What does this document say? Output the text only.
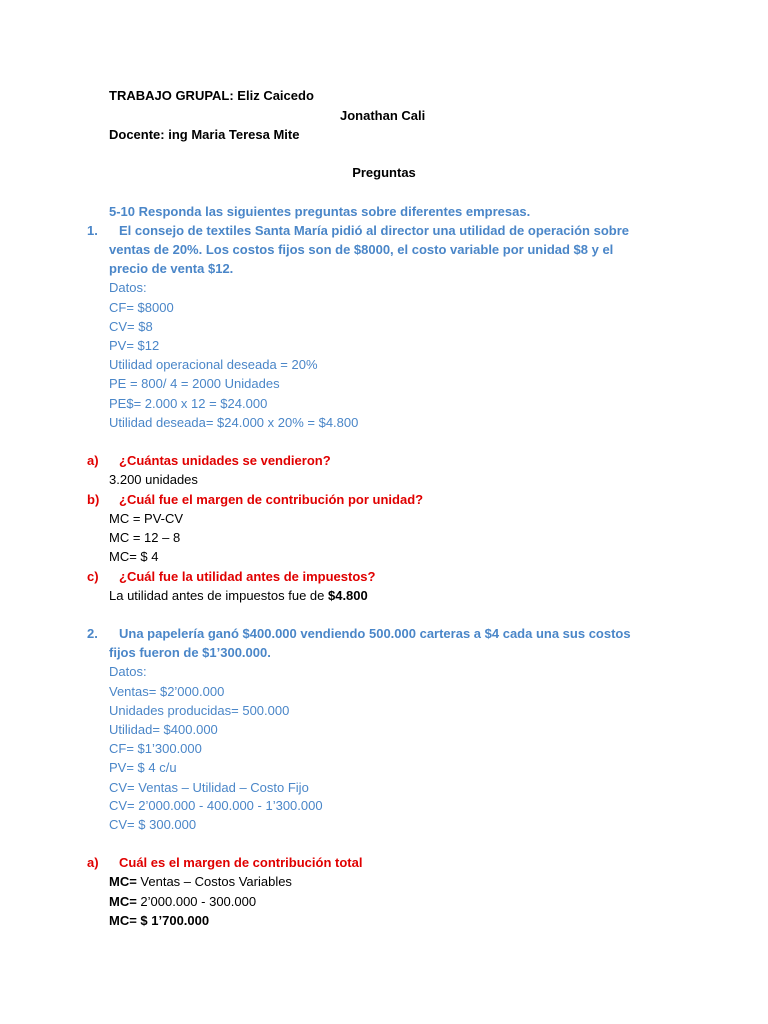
TRABAJO GRUPAL: Eliz Caicedo
Jonathan Cali
Docente: ing Maria Teresa Mite
Preguntas
5-10 Responda las siguientes preguntas sobre diferentes empresas.
1. El consejo de textiles Santa María pidió al director una utilidad de operación sobre
ventas de 20%. Los costos fijos son de $8000, el costo variable por unidad $8 y el
precio de venta $12.
Datos:
CF= $8000
CV= $8
PV= $12
Utilidad operacional deseada = 20%
PE = 800/ 4 = 2000 Unidades
PE$= 2.000 x 12 = $24.000
Utilidad deseada= $24.000 x 20% = $4.800
a) ¿Cuántas unidades se vendieron?
3.200 unidades
b) ¿Cuál fue el margen de contribución por unidad?
MC = PV-CV
MC = 12 – 8
MC= $ 4
c) ¿Cuál fue la utilidad antes de impuestos?
La utilidad antes de impuestos fue de $4.800
2. Una papelería ganó $400.000 vendiendo 500.000 carteras a $4 cada una sus costos
fijos fueron de $1’300.000.
Datos:
Ventas= $2’000.000
Unidades producidas= 500.000
Utilidad= $400.000
CF= $1’300.000
PV= $ 4 c/u
CV= Ventas – Utilidad – Costo Fijo
CV= 2’000.000 - 400.000 - 1’300.000
CV= $ 300.000
a) Cuál es el margen de contribución total
MC= Ventas – Costos Variables
MC= 2’000.000 - 300.000
MC= $ 1’700.000
